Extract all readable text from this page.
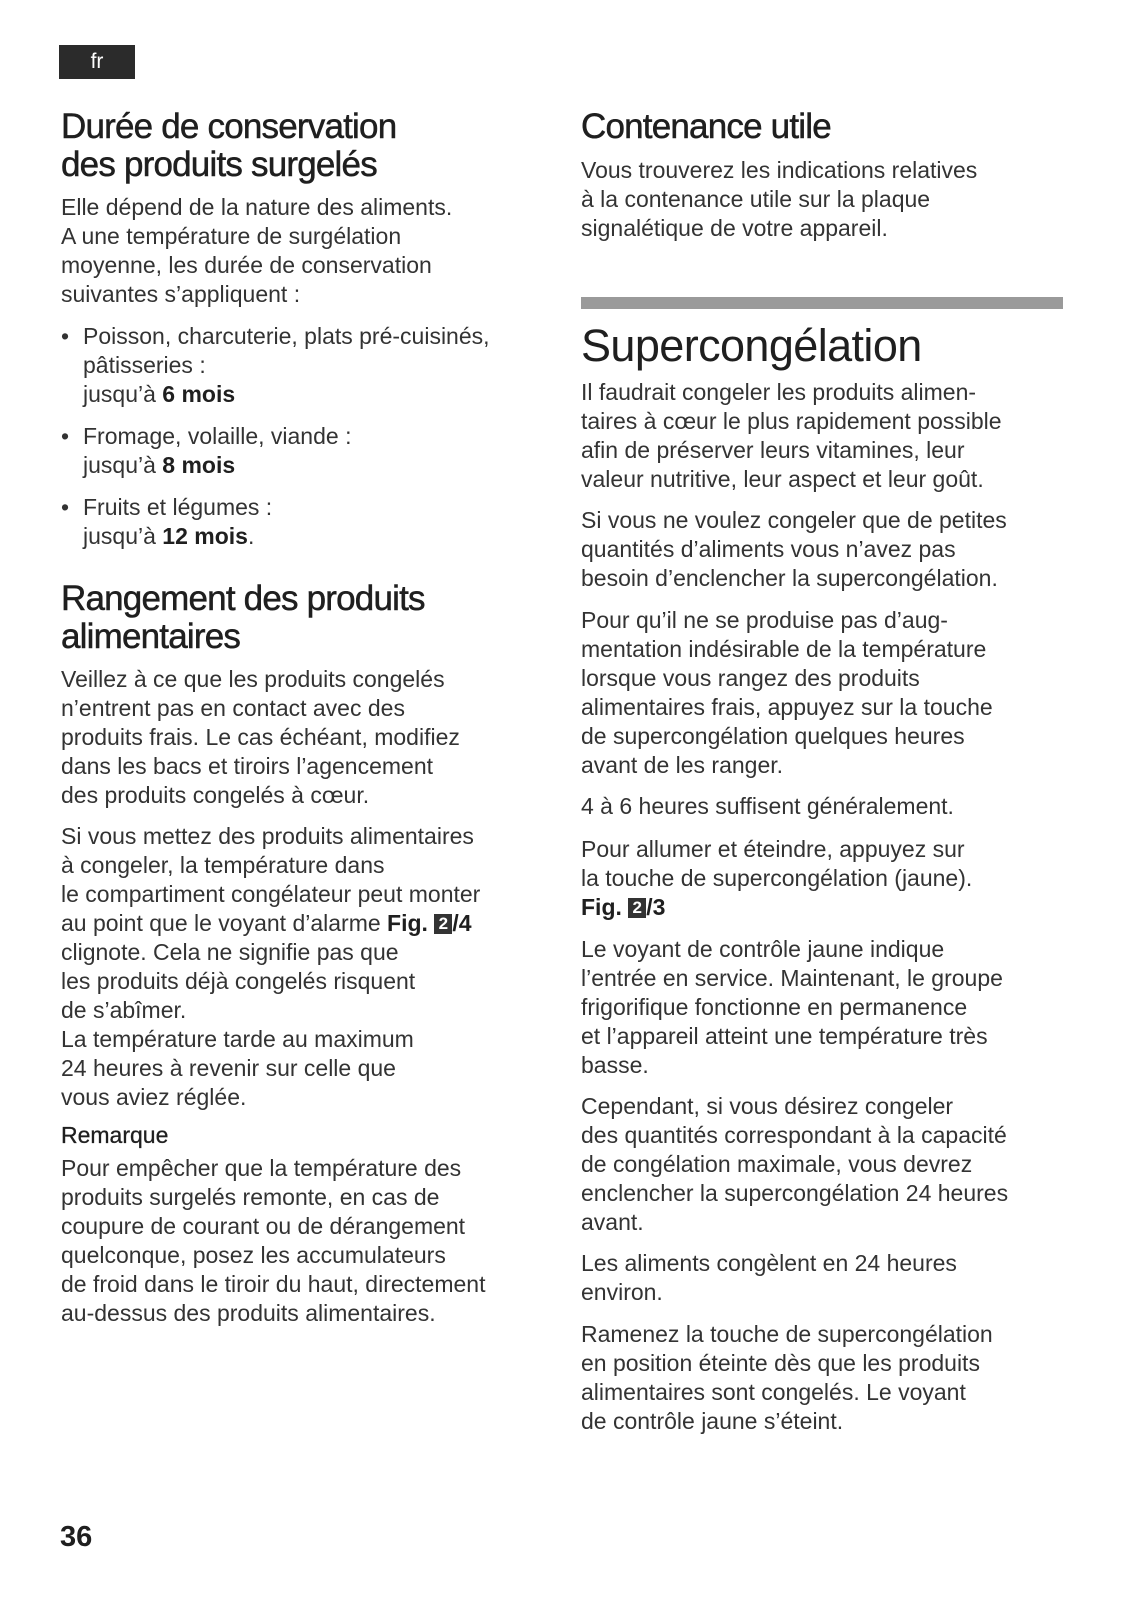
fr
Durée de conservation
des produits surgelés
Elle dépend de la nature des aliments.
A une température de surgélation
moyenne, les durée de conservation
suivantes s’appliquent :
• Poisson, charcuterie, plats pré-cuisinés,
pâtisseries :
jusqu’à 6 mois
• Fromage, volaille, viande :
jusqu’à 8 mois
• Fruits et légumes :
jusqu’à 12 mois.
Rangement des produits
alimentaires
Veillez à ce que les produits congelés
n’entrent pas en contact avec des
produits frais. Le cas échéant, modifiez
dans les bacs et tiroirs l’agencement
des produits congelés à cœur.
Si vous mettez des produits alimentaires
à congeler, la température dans
le compartiment congélateur peut monter
au point que le voyant d’alarme Fig. 2 /4
clignote. Cela ne signifie pas que
les produits déjà congelés risquent
de s’abîmer.
La température tarde au maximum
24 heures à revenir sur celle que
vous aviez réglée.
Remarque
Pour empêcher que la température des
produits surgelés remonte, en cas de
coupure de courant ou de dérangement
quelconque, posez les accumulateurs
de froid dans le tiroir du haut, directement
au-dessus des produits alimentaires.
Contenance utile
Vous trouverez les indications relatives
à la contenance utile sur la plaque
signalétique de votre appareil.
Supercongélation
Il faudrait congeler les produits alimen-
taires à cœur le plus rapidement possible
afin de préserver leurs vitamines, leur
valeur nutritive, leur aspect et leur goût.
Si vous ne voulez congeler que de petites
quantités d’aliments vous n’avez pas
besoin d’enclencher la supercongélation.
Pour qu’il ne se produise pas d’aug-
mentation indésirable de la température
lorsque vous rangez des produits
alimentaires frais, appuyez sur la touche
de supercongélation quelques heures
avant de les ranger.
4 à 6 heures suffisent généralement.
Pour allumer et éteindre, appuyez sur
la touche de supercongélation (jaune).
Fig. 2 /3
Le voyant de contrôle jaune indique
l’entrée en service. Maintenant, le groupe
frigorifique fonctionne en permanence
et l’appareil atteint une température très
basse.
Cependant, si vous désirez congeler
des quantités correspondant à la capacité
de congélation maximale, vous devrez
enclencher la supercongélation 24 heures
avant.
Les aliments congèlent en 24 heures
environ.
Ramenez la touche de supercongélation
en position éteinte dès que les produits
alimentaires sont congelés. Le voyant
de contrôle jaune s’éteint.
36
